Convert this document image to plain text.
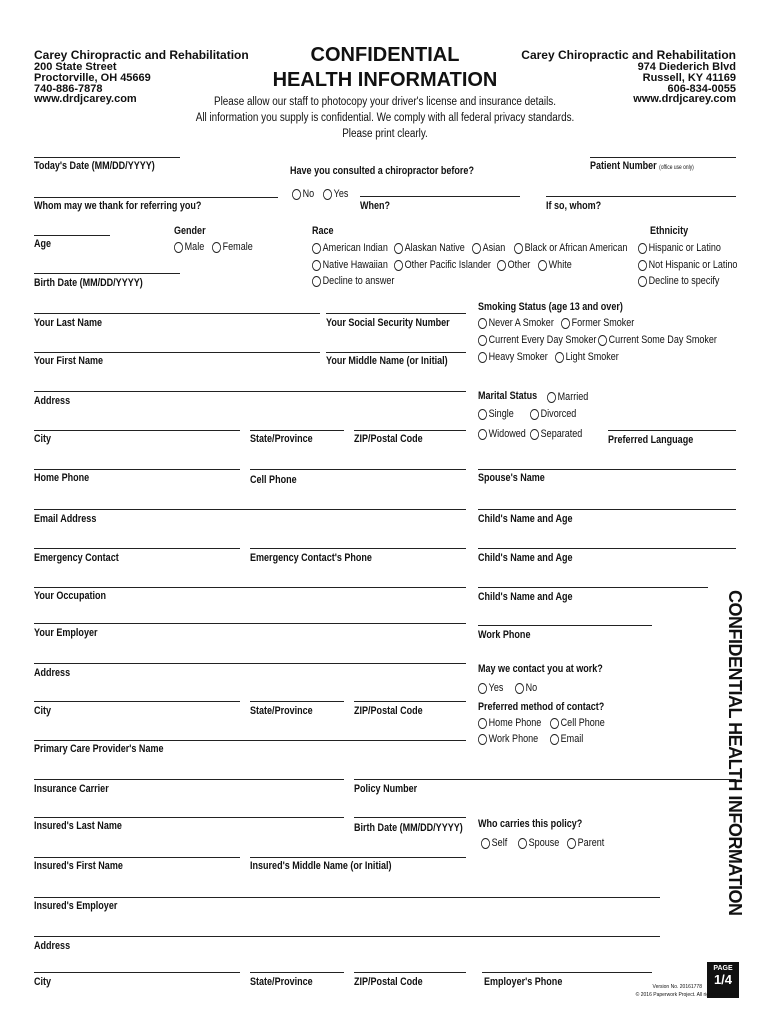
Carey Chiropractic and Rehabilitation
200 State Street
Proctorville, OH 45669
740-886-7878
www.drdjcarey.com
Carey Chiropractic and Rehabilitation
974 Diederich Blvd
Russell, KY 41169
606-834-0055
www.drdjcarey.com
CONFIDENTIAL
HEALTH INFORMATION
Please allow our staff to photocopy your driver's license and insurance details.
All information you supply is confidential. We comply with all federal privacy standards.
Please print clearly.
Today's Date (MM/DD/YYYY)	Have you consulted a chiropractor before?	Patient Number (office use only)
Whom may we thank for referring you?
No Yes
When?	If so, whom?
Gender
Male Female
Race
American Indian Alaskan Native Asian Black or African American
Native Hawaiian Other Pacific Islander Other White
Decline to answer
Ethnicity
Hispanic or Latino
Not Hispanic or Latino
Decline to specify
Age
Birth Date (MM/DD/YYYY)
Smoking Status (age 13 and over)
Never A Smoker Former Smoker
Current Every Day Smoker Current Some Day Smoker
Heavy Smoker Light Smoker
Your Last Name	Your Social Security Number
Your First Name	Your Middle Name (or Initial)
Address	Marital Status Married
Single Divorced
Widowed Separated
City	State/Province	ZIP/Postal Code	Preferred Language
Home Phone	Cell Phone	Spouse's Name
Email Address	Child's Name and Age
Emergency Contact	Emergency Contact's Phone	Child's Name and Age
Your Occupation	Child's Name and Age
Your Employer	Work Phone
Address	May we contact you at work?
Yes No
City	State/Province	ZIP/Postal Code	Preferred method of contact?
Home Phone Cell Phone
Work Phone Email
Primary Care Provider's Name
Insurance Carrier	Policy Number
Insured's Last Name	Birth Date (MM/DD/YYYY) Who carries this policy?
Self Spouse Parent
Insured's First Name	Insured's Middle Name (or Initial)
Insured's Employer
Address
City	State/Province	ZIP/Postal Code	Employer's Phone
CONFIDENTIAL HEALTH INFORMATION
PAGE
1/4
Version No. 20161778
© 2016 Paperwork Project. All rights reserved.
